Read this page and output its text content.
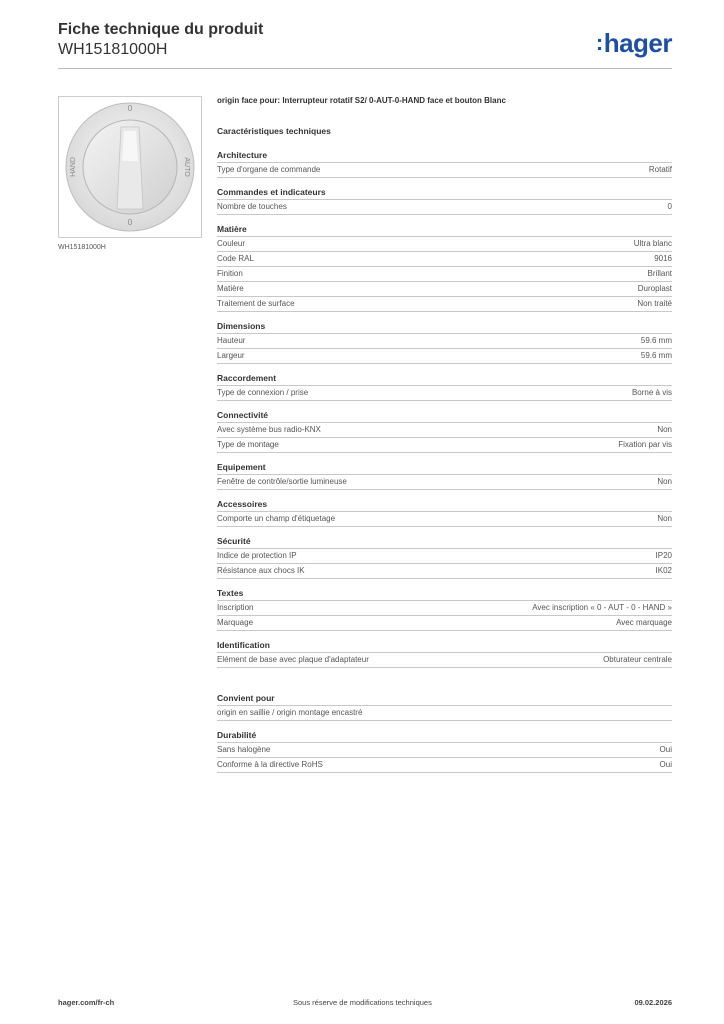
Fiche technique du produit
WH15181000H	:hager
0
0
HAND	AUTO
WH15181000H
origin face pour: Interrupteur rotatif S2/ 0-AUT-0-HAND face et bouton Blanc
Caractéristiques techniques
Architecture
Type d'organe de commande	Rotatif
Commandes et indicateurs
Nombre de touches	0
Matière
Couleur	Ultra blanc
Code RAL	9016
Finition	Brillant
Matière	Duroplast
Traitement de surface	Non traité
Dimensions
Hauteur	59.6 mm
Largeur	59.6 mm
Raccordement
Type de connexion / prise	Borne à vis
Connectivité
Avec système bus radio-KNX	Non
Type de montage	Fixation par vis
Equipement
Fenêtre de contrôle/sortie lumineuse	Non
Accessoires
Comporte un champ d'étiquetage	Non
Sécurité
Indice de protection IP	IP20
Résistance aux chocs IK	IK02
Textes
Inscription	Avec inscription « 0 - AUT - 0 - HAND »
Marquage	Avec marquage
Identification
Elément de base avec plaque d'adaptateur	Obturateur centrale
Convient pour
origin en saillie / origin montage encastré
Durabilité
Sans halogène	Oui
Conforme à la directive RoHS	Oui
hager.com/fr-ch	Sous réserve de modifications techniques	09.02.2026
